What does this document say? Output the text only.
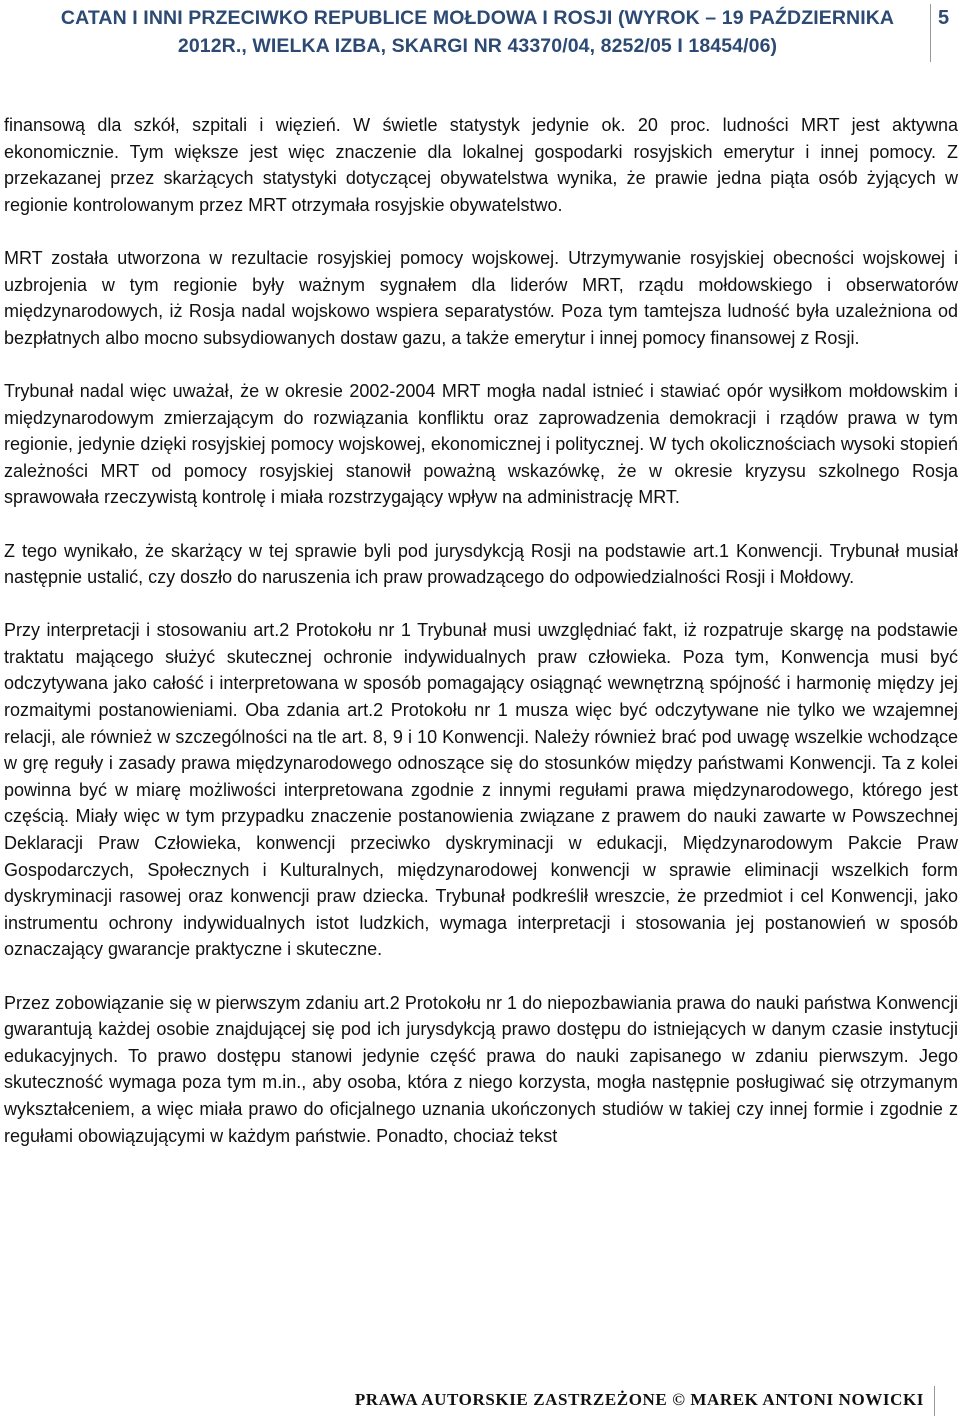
CATAN I INNI PRZECIWKO REPUBLICE MOŁDOWA I ROSJI (WYROK – 19 PAŹDZIERNIKA 2012R., WIELKA IZBA, SKARGI NR 43370/04, 8252/05 I 18454/06)
5

finansową dla szkół, szpitali i więzień. W świetle statystyk jedynie ok. 20 proc. ludności MRT jest aktywna ekonomicznie. Tym większe jest więc znaczenie dla lokalnej gospodarki rosyjskich emerytur i innej pomocy. Z przekazanej przez skarżących statystyki dotyczącej obywatelstwa wynika, że prawie jedna piąta osób żyjących w regionie kontrolowanym przez MRT otrzymała rosyjskie obywatelstwo.

MRT została utworzona w rezultacie rosyjskiej pomocy wojskowej. Utrzymywanie rosyjskiej obecności wojskowej i uzbrojenia w tym regionie były ważnym sygnałem dla liderów MRT, rządu mołdowskiego i obserwatorów międzynarodowych, iż Rosja nadal wojskowo wspiera separatystów. Poza tym tamtejsza ludność była uzależniona od bezpłatnych albo mocno subsydiowanych dostaw gazu, a także emerytur i innej pomocy finansowej z Rosji.

Trybunał nadal więc uważał, że w okresie 2002-2004 MRT mogła nadal istnieć i stawiać opór wysiłkom mołdowskim i międzynarodowym zmierzającym do rozwiązania konfliktu oraz zaprowadzenia demokracji i rządów prawa w tym regionie, jedynie dzięki rosyjskiej pomocy wojskowej, ekonomicznej i politycznej. W tych okolicznościach wysoki stopień zależności MRT od pomocy rosyjskiej stanowił poważną wskazówkę, że w okresie kryzysu szkolnego Rosja sprawowała rzeczywistą kontrolę i miała rozstrzygający wpływ na administrację MRT.

Z tego wynikało, że skarżący w tej sprawie byli pod jurysdykcją Rosji na podstawie art.1 Konwencji. Trybunał musiał następnie ustalić, czy doszło do naruszenia ich praw prowadzącego do odpowiedzialności Rosji i Mołdowy.

Przy interpretacji i stosowaniu art.2 Protokołu nr 1 Trybunał musi uwzględniać fakt, iż rozpatruje skargę na podstawie traktatu mającego służyć skutecznej ochronie indywidualnych praw człowieka. Poza tym, Konwencja musi być odczytywana jako całość i interpretowana w sposób pomagający osiągnąć wewnętrzną spójność i harmonię między jej rozmaitymi postanowieniami. Oba zdania art.2 Protokołu nr 1 musza więc być odczytywane nie tylko we wzajemnej relacji, ale również w szczególności na tle art. 8, 9 i 10 Konwencji. Należy również brać pod uwagę wszelkie wchodzące w grę reguły i zasady prawa międzynarodowego odnoszące się do stosunków między państwami Konwencji. Ta z kolei powinna być w miarę możliwości interpretowana zgodnie z innymi regułami prawa międzynarodowego, którego jest częścią. Miały więc w tym przypadku znaczenie postanowienia związane z prawem do nauki zawarte w Powszechnej Deklaracji Praw Człowieka, konwencji przeciwko dyskryminacji w edukacji, Międzynarodowym Pakcie Praw Gospodarczych, Społecznych i Kulturalnych, międzynarodowej konwencji w sprawie eliminacji wszelkich form dyskryminacji rasowej oraz konwencji praw dziecka. Trybunał podkreślił wreszcie, że przedmiot i cel Konwencji, jako instrumentu ochrony indywidualnych istot ludzkich, wymaga interpretacji i stosowania jej postanowień w sposób oznaczający gwarancje praktyczne i skuteczne.

Przez zobowiązanie się w pierwszym zdaniu art.2 Protokołu nr 1 do niepozbawiania prawa do nauki państwa Konwencji gwarantują każdej osobie znajdującej się pod ich jurysdykcją prawo dostępu do istniejących w danym czasie instytucji edukacyjnych. To prawo dostępu stanowi jedynie część prawa do nauki zapisanego w zdaniu pierwszym. Jego skuteczność wymaga poza tym m.in., aby osoba, która z niego korzysta, mogła następnie posługiwać się otrzymanym wykształceniem, a więc miała prawo do oficjalnego uznania ukończonych studiów w takiej czy innej formie i zgodnie z regułami obowiązującymi w każdym państwie. Ponadto, chociaż tekst

PRAWA AUTORSKIE ZASTRZEŻONE © MAREK ANTONI NOWICKI
